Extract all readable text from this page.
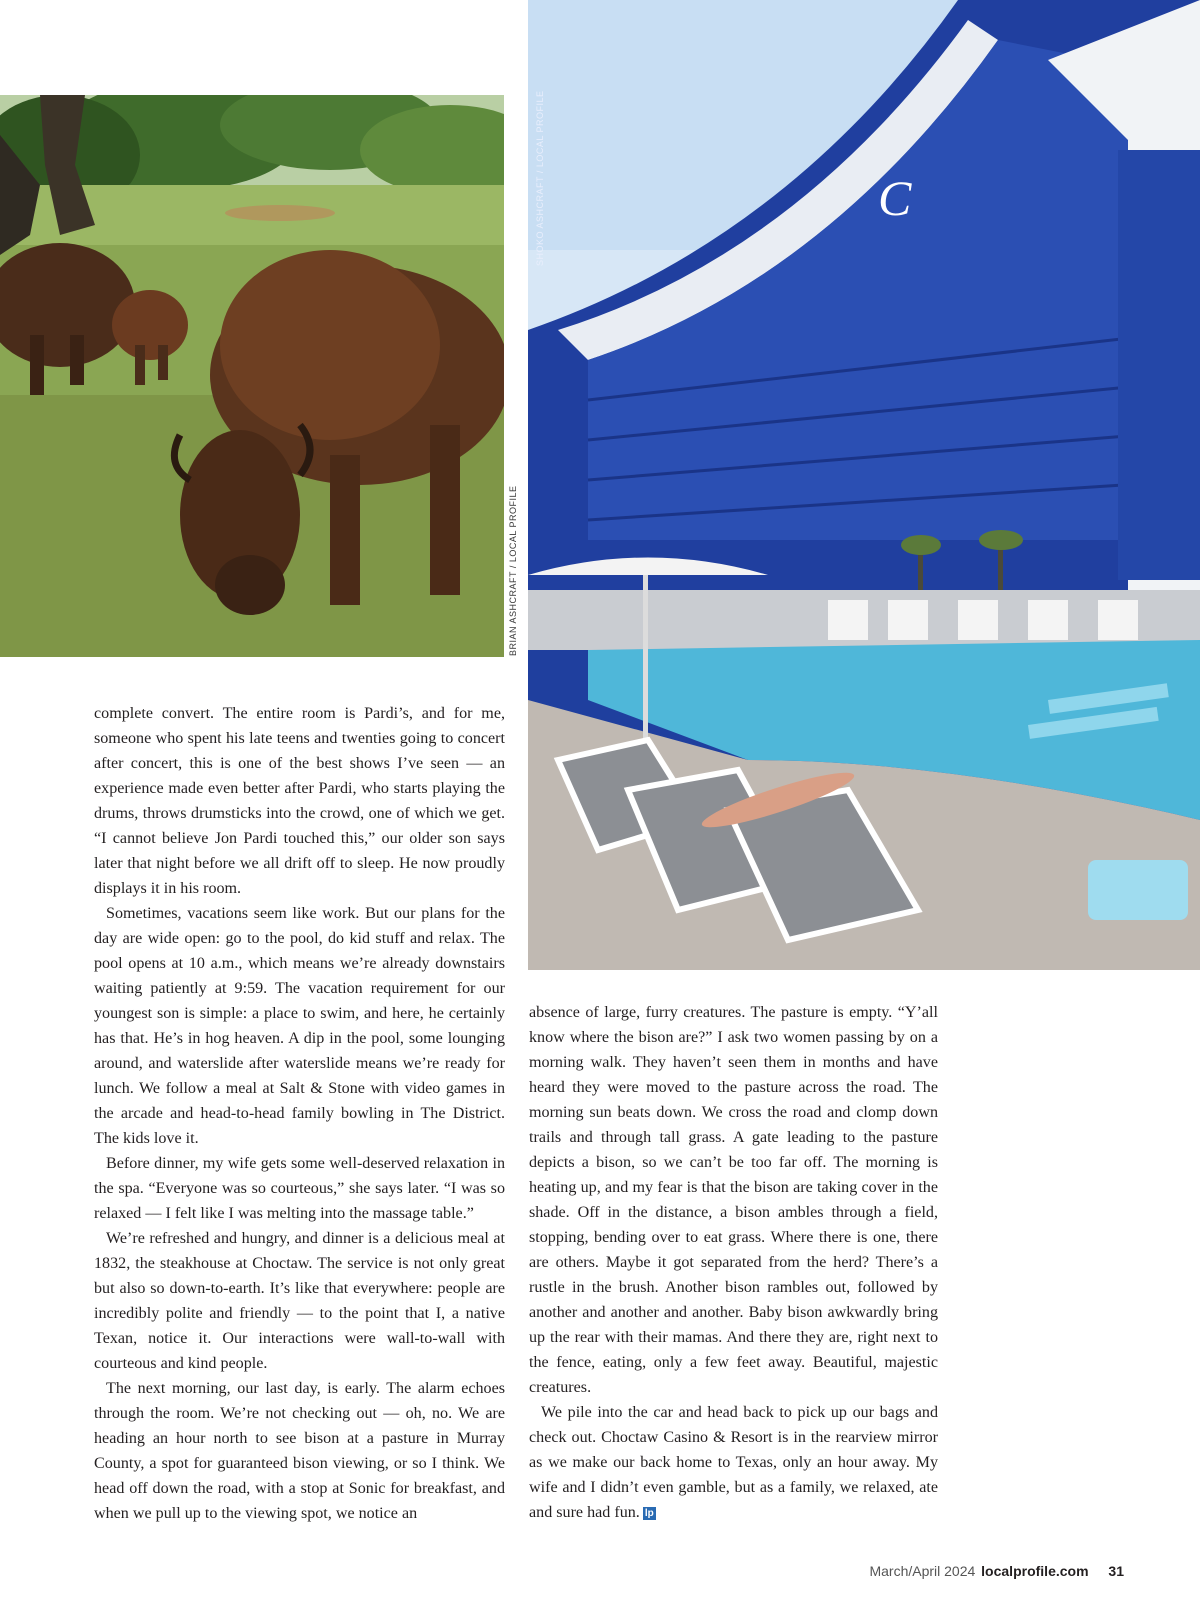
BRIAN ASHCRAFT / LOCAL PROFILE
C
SHOKO ASHCRAFT / LOCAL PROFILE

complete convert. The entire room is Pardi’s, and for me, someone who spent his late teens and twenties going to concert after concert, this is one of the best shows I’ve seen — an experience made even better after Pardi, who starts playing the drums, throws drumsticks into the crowd, one of which we get. “I cannot believe Jon Pardi touched this,” our older son says later that night before we all drift off to sleep. He now proudly displays it in his room.

Sometimes, vacations seem like work. But our plans for the day are wide open: go to the pool, do kid stuff and relax. The pool opens at 10 a.m., which means we’re already downstairs waiting patiently at 9:59. The vacation requirement for our youngest son is simple: a place to swim, and here, he certainly has that. He’s in hog heaven. A dip in the pool, some lounging around, and waterslide after waterslide means we’re ready for lunch. We follow a meal at Salt & Stone with video games in the arcade and head-to-head family bowling in The District. The kids love it.

Before dinner, my wife gets some well-deserved relaxation in the spa. “Everyone was so courteous,” she says later. “I was so relaxed — I felt like I was melting into the massage table.”

We’re refreshed and hungry, and dinner is a delicious meal at 1832, the steakhouse at Choctaw. The service is not only great but also so down-to-earth. It’s like that everywhere: people are incredibly polite and friendly — to the point that I, a native Texan, notice it. Our interactions were wall-to-wall with courteous and kind people.

The next morning, our last day, is early. The alarm echoes through the room. We’re not checking out — oh, no. We are heading an hour north to see bison at a pasture in Murray County, a spot for guaranteed bison viewing, or so I think. We head off down the road, with a stop at Sonic for breakfast, and when we pull up to the viewing spot, we notice an

absence of large, furry creatures. The pasture is empty. “Y’all know where the bison are?” I ask two women passing by on a morning walk. They haven’t seen them in months and have heard they were moved to the pasture across the road. The morning sun beats down. We cross the road and clomp down trails and through tall grass. A gate leading to the pasture depicts a bison, so we can’t be too far off. The morning is heating up, and my fear is that the bison are taking cover in the shade. Off in the distance, a bison ambles through a field, stopping, bending over to eat grass. Where there is one, there are others. Maybe it got separated from the herd? There’s a rustle in the brush. Another bison rambles out, followed by another and another and another. Baby bison awkwardly bring up the rear with their mamas. And there they are, right next to the fence, eating, only a few feet away. Beautiful, majestic creatures.

We pile into the car and head back to pick up our bags and check out. Choctaw Casino & Resort is in the rearview mirror as we make our back home to Texas, only an hour away. My wife and I didn’t even gamble, but as a family, we relaxed, ate and sure had fun. lp

March/April 2024 localprofile.com 31
